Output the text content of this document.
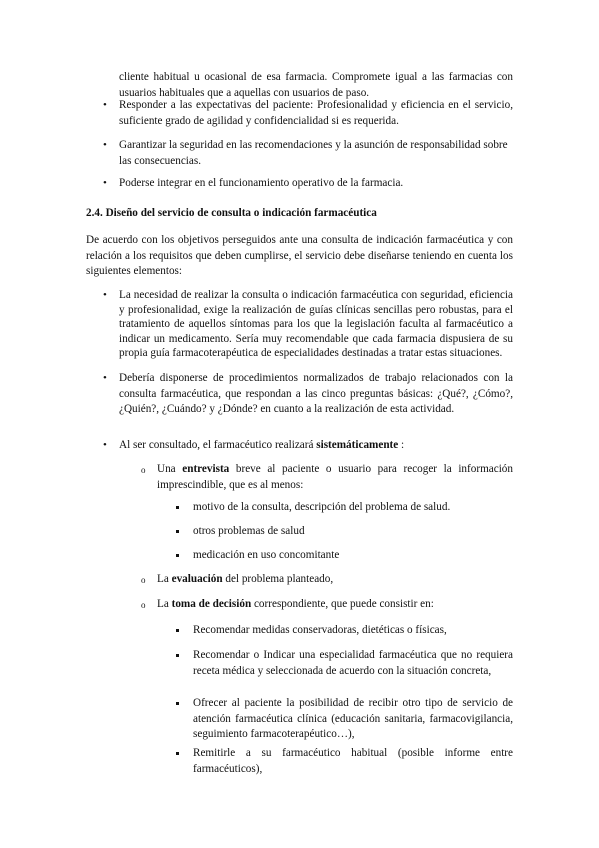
cliente habitual u ocasional de esa farmacia. Compromete igual a las farmacias con usuarios habituales que a aquellas con usuarios de paso.
• Responder a las expectativas del paciente: Profesionalidad y eficiencia en el servicio, suficiente grado de agilidad y confidencialidad si es requerida.
• Garantizar la seguridad en las recomendaciones y la asunción de responsabilidad sobre las consecuencias.
• Poderse integrar en el funcionamiento operativo de la farmacia.
2.4. Diseño del servicio de consulta o indicación farmacéutica
De acuerdo con los objetivos perseguidos ante una consulta de indicación farmacéutica y con relación a los requisitos que deben cumplirse, el servicio debe diseñarse teniendo en cuenta los siguientes elementos:
• La necesidad de realizar la consulta o indicación farmacéutica con seguridad, eficiencia y profesionalidad, exige la realización de guías clínicas sencillas pero robustas, para el tratamiento de aquellos síntomas para los que la legislación faculta al farmacéutico a indicar un medicamento. Sería muy recomendable que cada farmacia dispusiera de su propia guía farmacoterapéutica de especialidades destinadas a tratar estas situaciones.
• Debería disponerse de procedimientos normalizados de trabajo relacionados con la consulta farmacéutica, que respondan a las cinco preguntas básicas: ¿Qué?, ¿Cómo?, ¿Quién?, ¿Cuándo? y ¿Dónde? en cuanto a la realización de esta actividad.
• Al ser consultado, el farmacéutico realizará sistemáticamente :
o Una entrevista breve al paciente o usuario para recoger la información imprescindible, que es al menos:
motivo de la consulta, descripción del problema de salud.
otros problemas de salud
medicación en uso concomitante
o La evaluación del problema planteado,
o La toma de decisión correspondiente, que puede consistir en:
Recomendar medidas conservadoras, dietéticas o físicas,
Recomendar o Indicar una especialidad farmacéutica que no requiera receta médica y seleccionada de acuerdo con la situación concreta,
Ofrecer al paciente la posibilidad de recibir otro tipo de servicio de atención farmacéutica clínica (educación sanitaria, farmacovigilancia, seguimiento farmacoterapéutico…),
Remitirle a su farmacéutico habitual (posible informe entre farmacéuticos),
